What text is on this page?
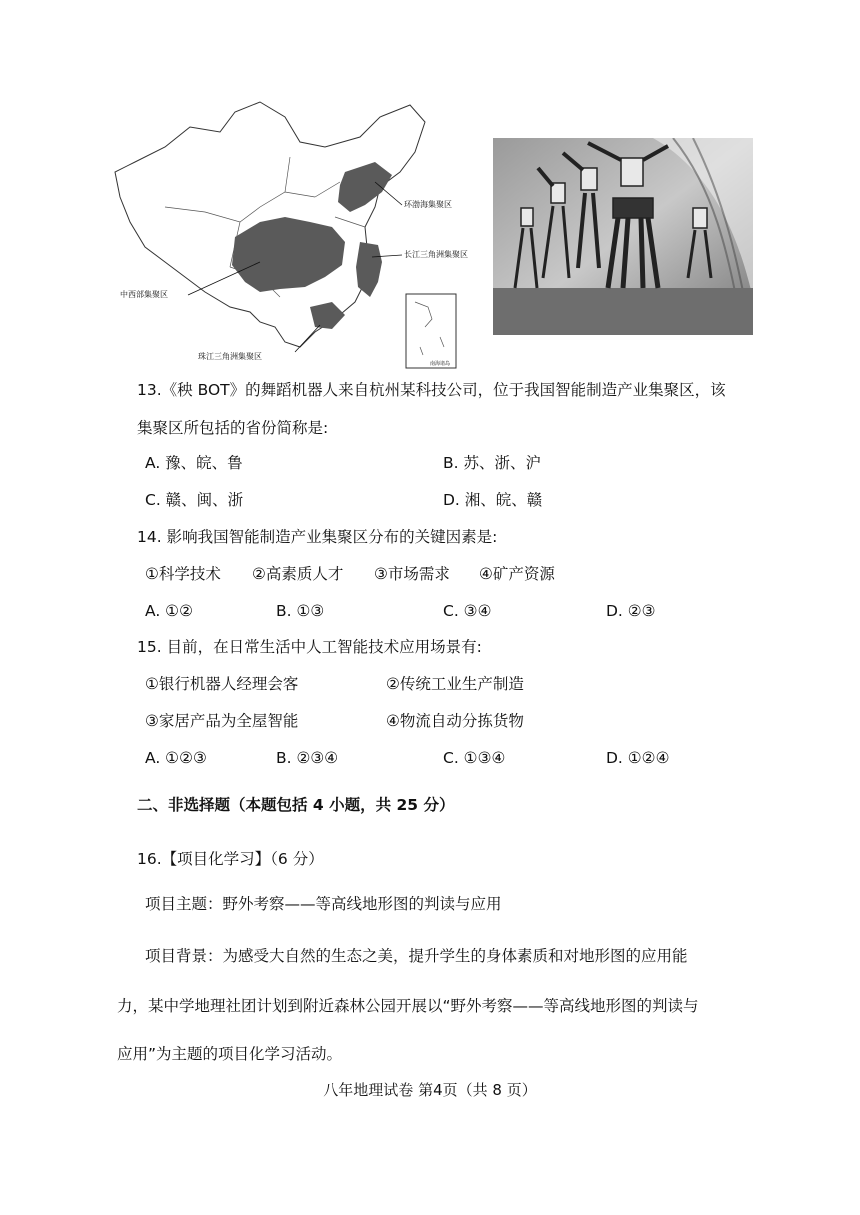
环渤海集聚区
长江三角洲集聚区
中西部集聚区
珠江三角洲集聚区
南海诸岛
13.《秧 BOT》的舞蹈机器人来自杭州某科技公司，位于我国智能制造产业集聚区，该
集聚区所包括的省份简称是:
A. 豫、皖、鲁	B. 苏、浙、沪
C. 赣、闽、浙	D. 湘、皖、赣
14. 影响我国智能制造产业集聚区分布的关键因素是:
①科学技术 ②高素质人才 ③市场需求 ④矿产资源
A. ①②	B. ①③	C. ③④	D. ②③
15. 目前，在日常生活中人工智能技术应用场景有:
①银行机器人经理会客	②传统工业生产制造
③家居产品为全屋智能	④物流自动分拣货物
A. ①②③	B. ②③④	C. ①③④	D. ①②④
二、非选择题（本题包括 4 小题，共 25 分）
16.【项目化学习】（6 分）
项目主题：野外考察——等高线地形图的判读与应用
项目背景：为感受大自然的生态之美，提升学生的身体素质和对地形图的应用能
力，某中学地理社团计划到附近森林公园开展以“野外考察——等高线地形图的判读与
应用”为主题的项目化学习活动。
八年地理试卷 第4页（共 8 页）
